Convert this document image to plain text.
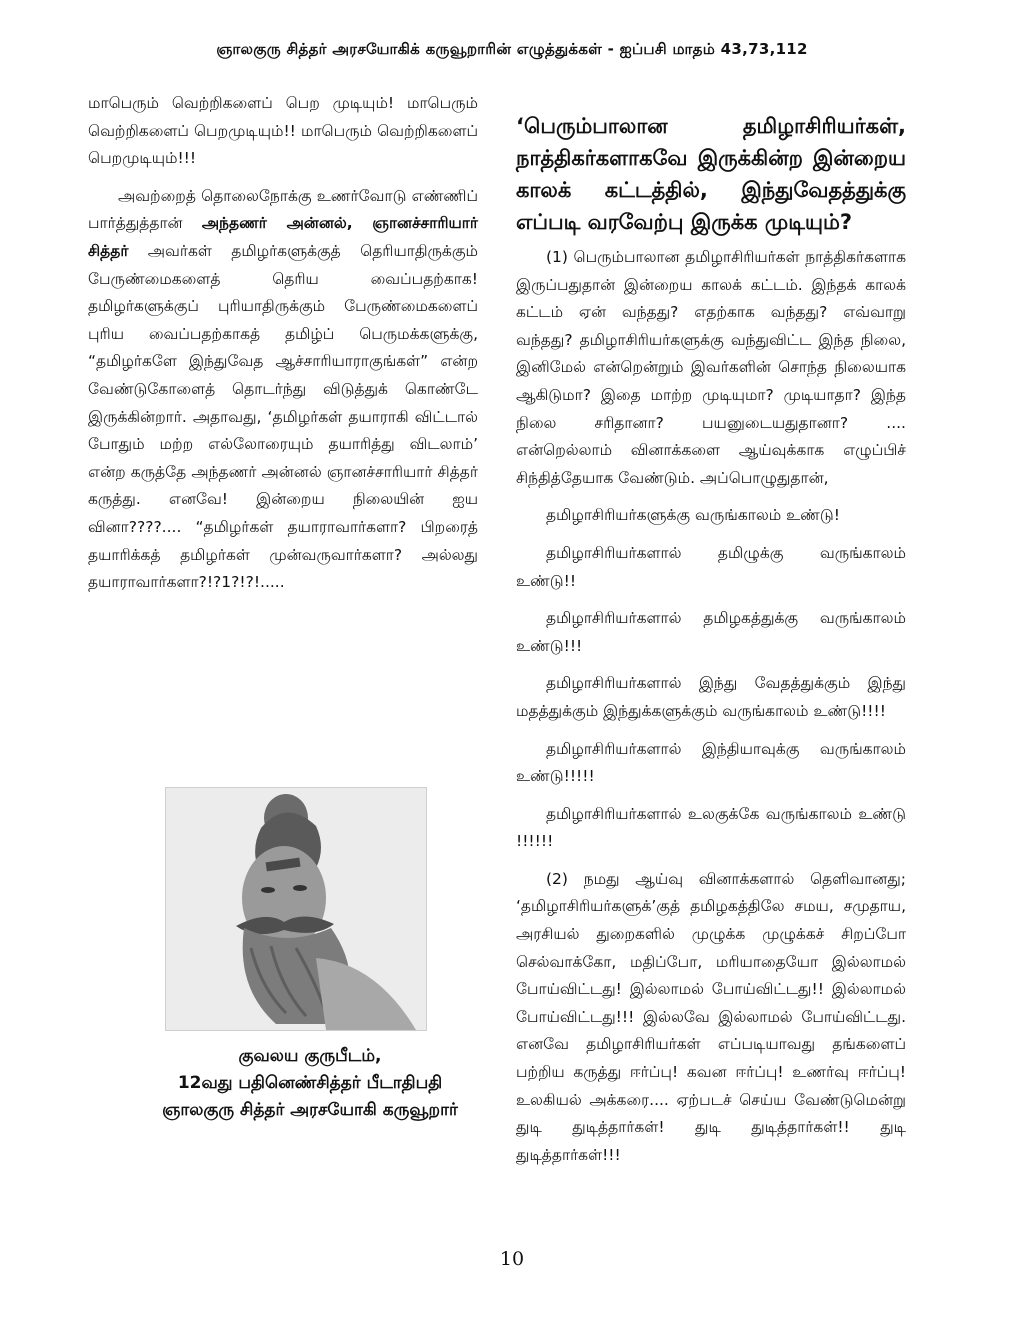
ஞாலகுரு சித்தர் அரசயோகிக் கருவூறாரின் எழுத்துக்கள் - ஐப்பசி மாதம் 43,73,112

மாபெரும் வெற்றிகளைப் பெற முடியும்! மாபெரும் வெற்றிகளைப் பெறமுடியும்!! மாபெரும் வெற்றிகளைப் பெறமுடியும்!!!

அவற்றைத் தொலைநோக்கு உணர்வோடு எண்ணிப் பார்த்துத்தான் அந்தணர் அன்னல், ஞானச்சாரியார் சித்தர் அவர்கள் தமிழர்களுக்குத் தெரியாதிருக்கும் பேருண்மைகளைத் தெரிய வைப்பதற்காக! தமிழர்களுக்குப் புரியாதிருக்கும் பேருண்மைகளைப் புரிய வைப்பதற்காகத் தமிழ்ப் பெருமக்களுக்கு, “தமிழர்களே இந்துவேத ஆச்சாரியாராகுங்கள்” என்ற வேண்டுகோளைத் தொடர்ந்து விடுத்துக் கொண்டே இருக்கின்றார். அதாவது, ‘தமிழர்கள் தயாராகி விட்டால் போதும் மற்ற எல்லோரையும் தயாரித்து விடலாம்’ என்ற கருத்தே அந்தணர் அன்னல் ஞானச்சாரியார் சித்தர் கருத்து. எனவே! இன்றைய நிலையின் ஐய வினா????.... “தமிழர்கள் தயாராவார்களா? பிறரைத் தயாரிக்கத் தமிழர்கள் முன்வருவார்களா? அல்லது தயாராவார்களா?!?1?!?!.....

குவலய குருபீடம்,
12வது பதினெண்சித்தர் பீடாதிபதி
ஞாலகுரு சித்தர் அரசயோகி கருவூறார்
‘பெரும்பாலான தமிழாசிரியர்கள், நாத்திகர்களாகவே இருக்கின்ற இன்றைய காலக் கட்டத்தில், இந்துவேதத்துக்கு எப்படி வரவேற்பு இருக்க முடியும்?

(1) பெரும்பாலான தமிழாசிரியர்கள் நாத்திகர்களாக இருப்பதுதான் இன்றைய காலக் கட்டம். இந்தக் காலக் கட்டம் ஏன் வந்தது? எதற்காக வந்தது? எவ்வாறு வந்தது? தமிழாசிரியர்களுக்கு வந்துவிட்ட இந்த நிலை, இனிமேல் என்றென்றும் இவர்களின் சொந்த நிலையாக ஆகிடுமா? இதை மாற்ற முடியுமா? முடியாதா? இந்த நிலை சரிதானா? பயனுடையதுதானா? .... என்றெல்லாம் வினாக்களை ஆய்வுக்காக எழுப்பிச் சிந்தித்தேயாக வேண்டும். அப்பொழுதுதான்,

தமிழாசிரியர்களுக்கு வருங்காலம் உண்டு!

தமிழாசிரியர்களால் தமிழுக்கு வருங்காலம் உண்டு!!

தமிழாசிரியர்களால் தமிழகத்துக்கு வருங்காலம் உண்டு!!!

தமிழாசிரியர்களால் இந்து வேதத்துக்கும் இந்து மதத்துக்கும் இந்துக்களுக்கும் வருங்காலம் உண்டு!!!!

தமிழாசிரியர்களால் இந்தியாவுக்கு வருங்காலம் உண்டு!!!!!

தமிழாசிரியர்களால் உலகுக்கே வருங்காலம் உண்டு !!!!!!

(2) நமது ஆய்வு வினாக்களால் தெளிவானது; ‘தமிழாசிரியர்களுக்’குத் தமிழகத்திலே சமய, சமுதாய, அரசியல் துறைகளில் முழுக்க முழுக்கச் சிறப்போ செல்வாக்கோ, மதிப்போ, மரியாதையோ இல்லாமல் போய்விட்டது! இல்லாமல் போய்விட்டது!! இல்லாமல் போய்விட்டது!!! இல்லவே இல்லாமல் போய்விட்டது. எனவே தமிழாசிரியர்கள் எப்படியாவது தங்களைப் பற்றிய கருத்து ஈர்ப்பு! கவன ஈர்ப்பு! உணர்வு ஈர்ப்பு! உலகியல் அக்கரை.... ஏற்படச் செய்ய வேண்டுமென்று துடி துடித்தார்கள்! துடி துடித்தார்கள்!! துடி துடித்தார்கள்!!!

10
